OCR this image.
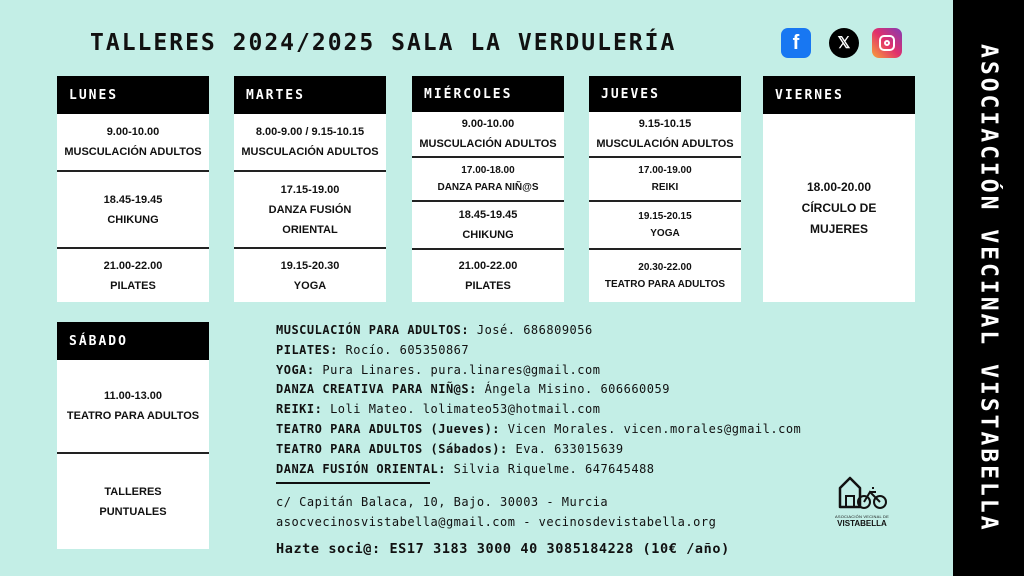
TALLERES 2024/2025 SALA LA VERDULERÍA	f 𝕏
ASOCIACIÓN VECINAL VISTABELLA
LUNES
9.00-10.00
MUSCULACIÓN ADULTOS
18.45-19.45
CHIKUNG
21.00-22.00
PILATES
MARTES
8.00-9.00 / 9.15-10.15
MUSCULACIÓN ADULTOS
17.15-19.00
DANZA FUSIÓN
ORIENTAL
19.15-20.30
YOGA
MIÉRCOLES
9.00-10.00
MUSCULACIÓN ADULTOS
17.00-18.00
DANZA PARA NIÑ@S
18.45-19.45
CHIKUNG
21.00-22.00
PILATES
JUEVES
9.15-10.15
MUSCULACIÓN ADULTOS
17.00-19.00
REIKI
19.15-20.15
YOGA
20.30-22.00
TEATRO PARA ADULTOS
VIERNES
18.00-20.00
CÍRCULO DE
MUJERES
SÁBADO
11.00-13.00
TEATRO PARA ADULTOS
TALLERES
PUNTUALES
MUSCULACIÓN PARA ADULTOS: José. 686809056
PILATES: Rocío. 605350867
YOGA: Pura Linares. pura.linares@gmail.com
DANZA CREATIVA PARA NIÑ@S: Ángela Misino. 606660059
REIKI: Loli Mateo. lolimateo53@hotmail.com
TEATRO PARA ADULTOS (Jueves): Vicen Morales. vicen.morales@gmail.com
TEATRO PARA ADULTOS (Sábados): Eva. 633015639
DANZA FUSIÓN ORIENTAL: Silvia Riquelme. 647645488
c/ Capitán Balaca, 10, Bajo. 30003 - Murcia
asocvecinosvistabella@gmail.com - vecinosdevistabella.org
Hazte soci@: ES17 3183 3000 40 3085184228 (10€ /año)
ASOCIACIÓN VECINAL DE
VISTABELLA
